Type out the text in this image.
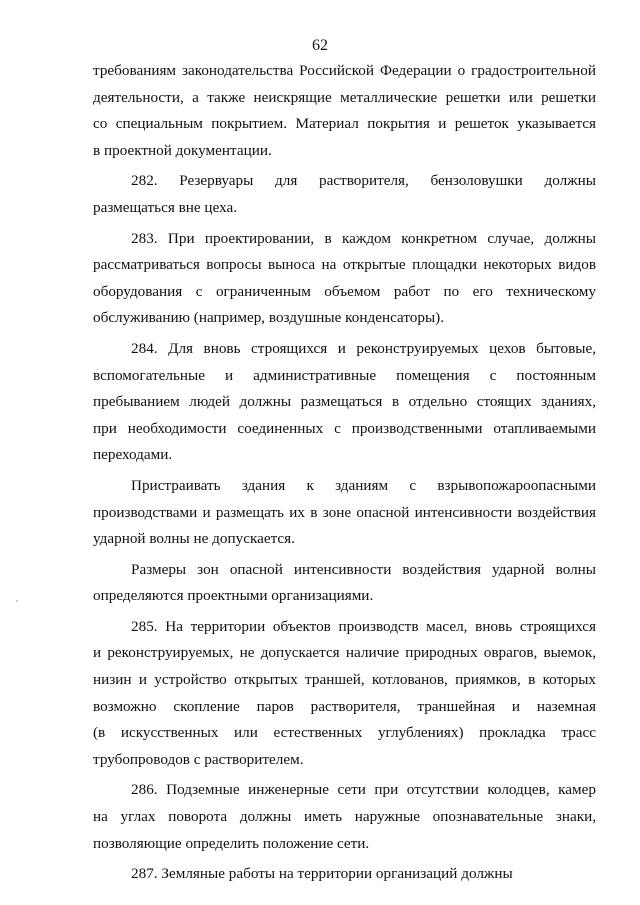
62
требованиям законодательства Российской Федерации о градостроительной
деятельности, а также неискрящие металлические решетки или решетки
со специальным покрытием. Материал покрытия и решеток указывается
в проектной документации.
282. Резервуары для растворителя, бензоловушки должны
размещаться вне цеха.
283. При проектировании, в каждом конкретном случае, должны
рассматриваться вопросы выноса на открытые площадки некоторых видов
оборудования с ограниченным объемом работ по его техническому
обслуживанию (например, воздушные конденсаторы).
284. Для вновь строящихся и реконструируемых цехов бытовые,
вспомогательные и административные помещения с постоянным
пребыванием людей должны размещаться в отдельно стоящих зданиях,
при необходимости соединенных с производственными отапливаемыми
переходами.
Пристраивать здания к зданиям с взрывопожароопасными
производствами и размещать их в зоне опасной интенсивности воздействия
ударной волны не допускается.
Размеры зон опасной интенсивности воздействия ударной волны
определяются проектными организациями.
285. На территории объектов производств масел, вновь строящихся
и реконструируемых, не допускается наличие природных оврагов, выемок,
низин и устройство открытых траншей, котлованов, приямков, в которых
возможно скопление паров растворителя, траншейная и наземная
(в искусственных или естественных углублениях) прокладка трасс
трубопроводов с растворителем.
286. Подземные инженерные сети при отсутствии колодцев, камер
на углах поворота должны иметь наружные опознавательные знаки,
позволяющие определить положение сети.
287. Земляные работы на территории организаций должны
